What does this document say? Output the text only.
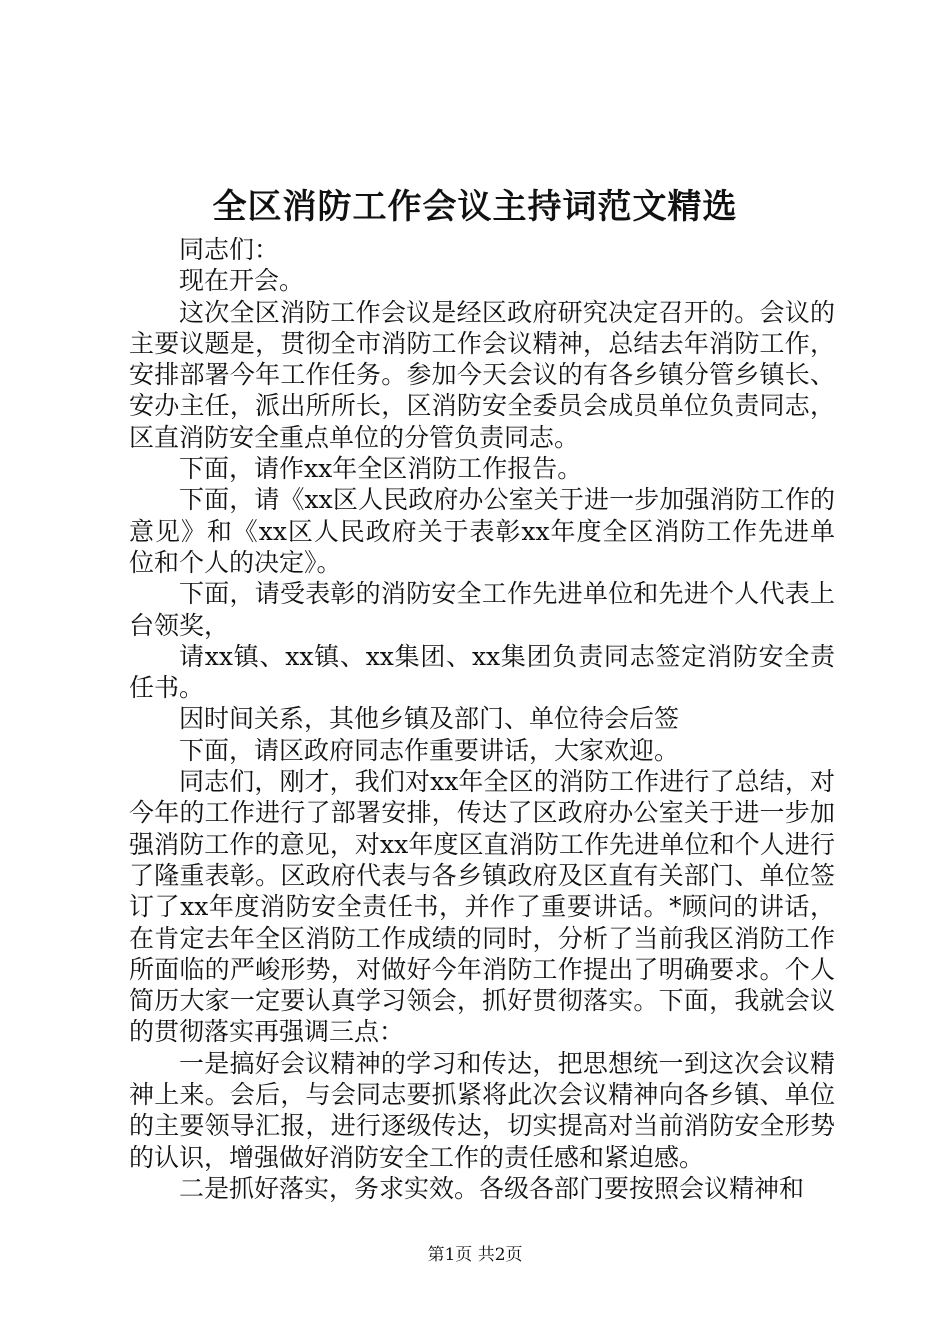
全区消防工作会议主持词范文精选

同志们：

现在开会。

这次全区消防工作会议是经区政府研究决定召开的。会议的主要议题是，贯彻全市消防工作会议精神，总结去年消防工作，安排部署今年工作任务。参加今天会议的有各乡镇分管乡镇长、安办主任，派出所所长，区消防安全委员会成员单位负责同志，区直消防安全重点单位的分管负责同志。

下面，请作xx年全区消防工作报告。

下面，请《xx区人民政府办公室关于进一步加强消防工作的意见》和《xx区人民政府关于表彰xx年度全区消防工作先进单位和个人的决定》。

下面，请受表彰的消防安全工作先进单位和先进个人代表上台领奖，

请xx镇、xx镇、xx集团、xx集团负责同志签定消防安全责任书。

因时间关系，其他乡镇及部门、单位待会后签

下面，请区政府同志作重要讲话，大家欢迎。

同志们，刚才，我们对xx年全区的消防工作进行了总结，对今年的工作进行了部署安排，传达了区政府办公室关于进一步加强消防工作的意见，对xx年度区直消防工作先进单位和个人进行了隆重表彰。区政府代表与各乡镇政府及区直有关部门、单位签订了xx年度消防安全责任书，并作了重要讲话。*顾问的讲话，在肯定去年全区消防工作成绩的同时，分析了当前我区消防工作所面临的严峻形势，对做好今年消防工作提出了明确要求。个人简历大家一定要认真学习领会，抓好贯彻落实。下面，我就会议的贯彻落实再强调三点：

一是搞好会议精神的学习和传达，把思想统一到这次会议精神上来。会后，与会同志要抓紧将此次会议精神向各乡镇、单位的主要领导汇报，进行逐级传达，切实提高对当前消防安全形势的认识，增强做好消防安全工作的责任感和紧迫感。

二是抓好落实，务求实效。各级各部门要按照会议精神和

第1页 共2页
